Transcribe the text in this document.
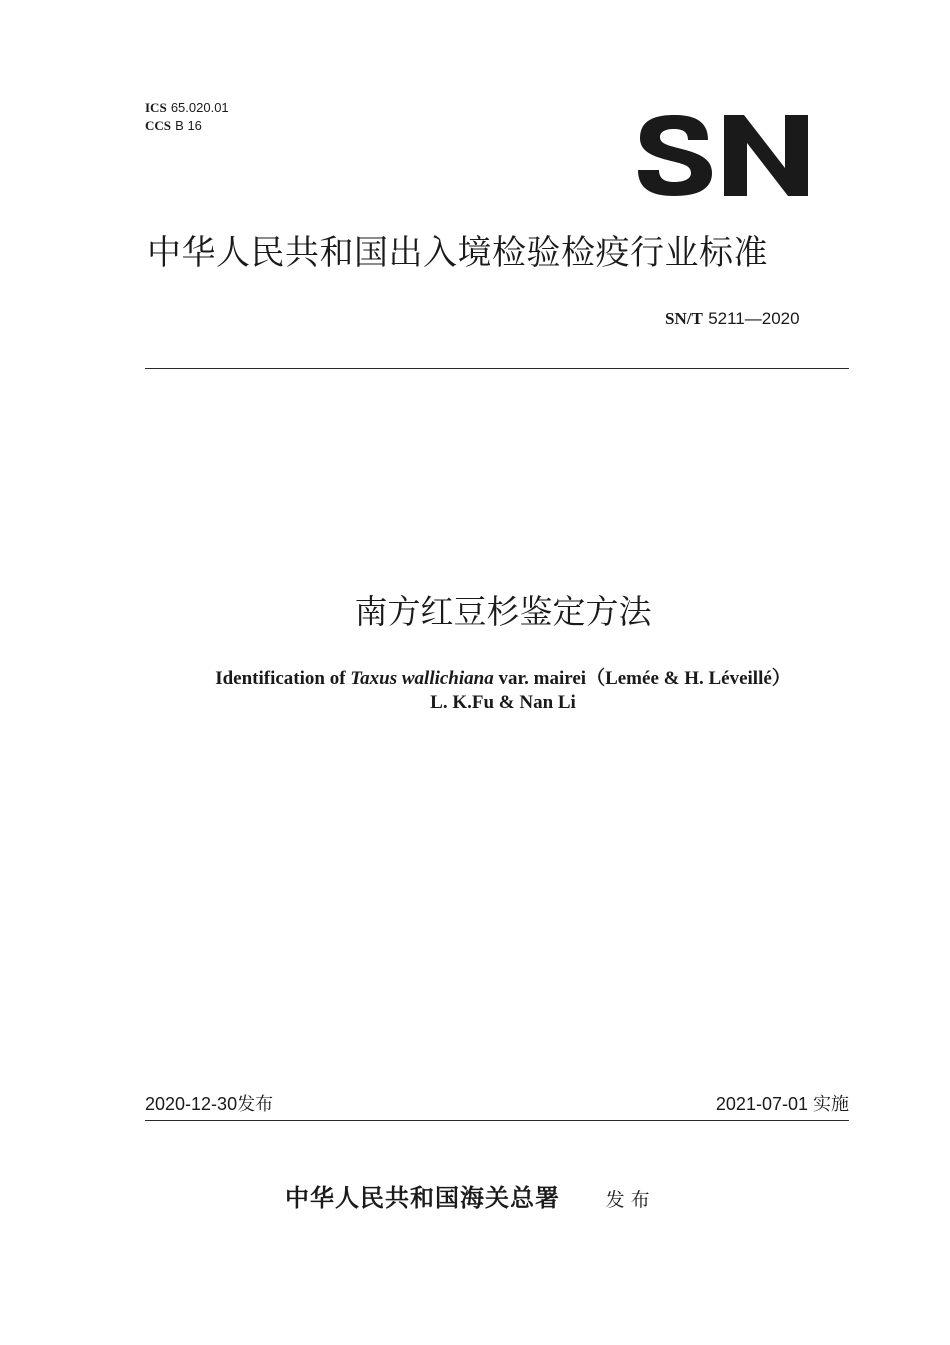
ICS 65.020.01
CCS B 16
中华人民共和国出入境检验检疫行业标准
SN/T 5211—2020
南方红豆杉鉴定方法
Identification of Taxus wallichiana var. mairei（Lemée & H. Léveillé）
L. K.Fu & Nan Li
2020-12-30发布	2021-07-01 实施
中华人民共和国海关总署 发布
